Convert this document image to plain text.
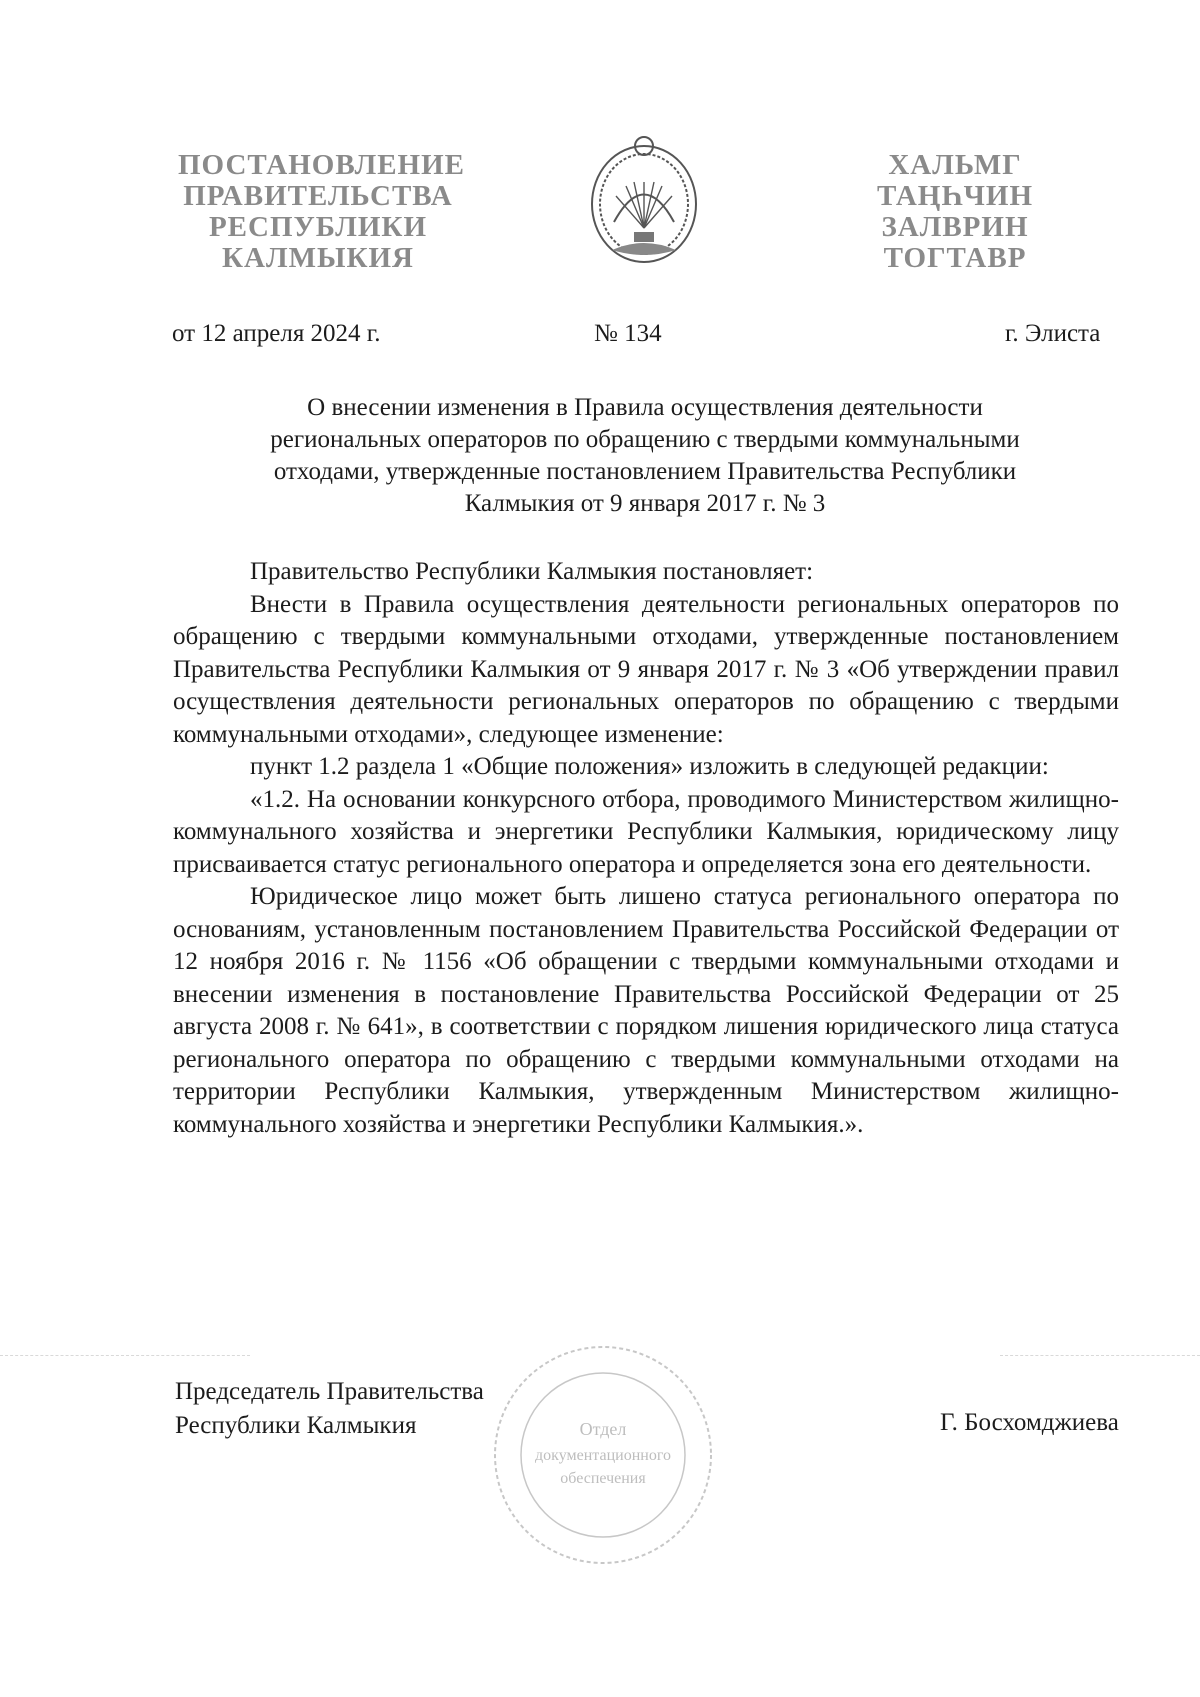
ПОСТАНОВЛЕНИЕ
ПРАВИТЕЛЬСТВА
РЕСПУБЛИКИ
КАЛМЫКИЯ
ХАЛЬМГ
ТАҢҺЧИН
ЗАЛВРИН
ТОГТАВР
от 12 апреля 2024 г.	№ 134	г. Элиста
О внесении изменения в Правила осуществления деятельности
региональных операторов по обращению с твердыми коммунальными
отходами, утвержденные постановлением Правительства Республики
Калмыкия от 9 января 2017 г. № 3

Правительство Республики Калмыкия постановляет:

Внести в Правила осуществления деятельности региональных операторов по обращению с твердыми коммунальными отходами, утвержденные постановлением Правительства Республики Калмыкия от 9 января 2017 г. № 3 «Об утверждении правил осуществления деятельности региональных операторов по обращению с твердыми коммунальными отходами», следующее изменение:

пункт 1.2 раздела 1 «Общие положения» изложить в следующей редакции:

«1.2. На основании конкурсного отбора, проводимого Министерством жилищно-коммунального хозяйства и энергетики Республики Калмыкия, юридическому лицу присваивается статус регионального оператора и определяется зона его деятельности.

Юридическое лицо может быть лишено статуса регионального оператора по основаниям, установленным постановлением Правительства Российской Федерации от 12 ноября 2016 г. № 1156 «Об обращении с твердыми коммунальными отходами и внесении изменения в постановление Правительства Российской Федерации от 25 августа 2008 г. № 641», в соответствии с порядком лишения юридического лица статуса регионального оператора по обращению с твердыми коммунальными отходами на территории Республики Калмыкия, утвержденным Министерством жилищно-коммунального хозяйства и энергетики Республики Калмыкия.».

Отдел
документационного
обеспечения
Председатель Правительства
Республики Калмыкия	Г. Босхомджиева
